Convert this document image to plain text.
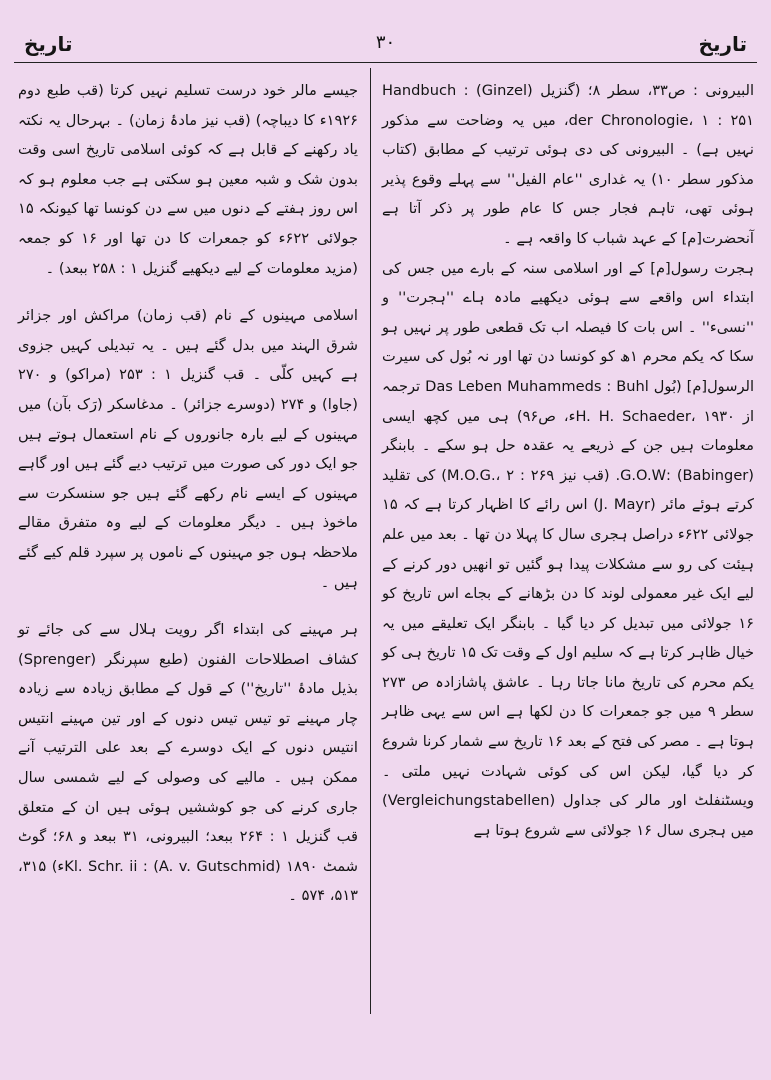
تاریخ	۳۰	تاریخ

البیرونی : ص۳۳، سطر ۸؛ (گنزیل (Ginzel) : Handbuch der Chronologie، ۱ : ۲۵۱، میں یہ وضاحت سے مذکور نہیں ہے) ۔ البیرونی کی دی ہوئی ترتیب کے مطابق (کتاب مذکور سطر ۱۰) یہ غداری ''عام الفیل'' سے پہلے وقوع پذیر ہوئی تھی، تاہم فجار جس کا عام طور پر ذکر آتا ہے آنحضرت[م] کے عہد شباب کا واقعہ ہے ۔

ہجرت رسول[م] کے اور اسلامی سنہ کے بارے میں جس کی ابتداء اس واقعے سے ہوئی دیکھیے مادہ ہاے ''ہجرت'' و ''نسیء'' ۔ اس بات کا فیصلہ اب تک قطعی طور پر نہیں ہو سکا کہ یکم محرم ۱ھ کو کونسا دن تھا اور نہ بُول کی سیرت الرسول[م] (بُول Das Leben Muhammeds : Buhl ترجمہ از H. H. Schaeder، ۱۹۳۰ء، ص۹۶) ہی میں کچھ ایسی معلومات ہیں جن کے ذریعے یہ عقدہ حل ہو سکے ۔ بابنگر (Babinger) :G.O.W. (قب نیز M.O.G.، ۲ : ۲۶۹) کی تقلید کرتے ہوئے مائر (J. Mayr) اس رائے کا اظہار کرتا ہے کہ ۱۵ جولائی ۶۲۲ء دراصل ہجری سال کا پہلا دن تھا ۔ بعد میں علم ہیئت کی رو سے مشکلات پیدا ہو گئیں تو انھیں دور کرنے کے لیے ایک غیر معمولی لوند کا دن بڑھانے کے بجاے اس تاریخ کو ۱۶ جولائی میں تبدیل کر دیا گیا ۔ بابنگر ایک تعلیقے میں یہ خیال ظاہر کرتا ہے کہ سلیم اول کے وقت تک ۱۵ تاریخ ہی کو یکم محرم کی تاریخ مانا جاتا رہا ۔ عاشق پاشازادہ ص ۲۷۳ سطر ۹ میں جو جمعرات کا دن لکھا ہے اس سے یہی ظاہر ہوتا ہے ۔ مصر کی فتح کے بعد ۱۶ تاریخ سے شمار کرنا شروع کر دیا گیا، لیکن اس کی کوئی شہادت نہیں ملتی ۔ ویسٹنفلٹ اور مالر کی جداول (Vergleichungstabellen) میں ہجری سال ۱۶ جولائی سے شروع ہوتا ہے

جیسے مالر خود درست تسلیم نہیں کرتا (قب طبع دوم ۱۹۲۶ء کا دیباچہ) (قب نیز مادۂ زمان) ۔ بہرحال یہ نکتہ یاد رکھنے کے قابل ہے کہ کوئی اسلامی تاریخ اسی وقت بدون شک و شبہ معین ہو سکتی ہے جب معلوم ہو کہ اس روز ہفتے کے دنوں میں سے دن کونسا تھا کیونکہ ۱۵ جولائی ۶۲۲ء کو جمعرات کا دن تھا اور ۱۶ کو جمعہ (مزید معلومات کے لیے دیکھیے گنزیل ۱ : ۲۵۸ ببعد) ۔

اسلامی مہینوں کے نام (قب زمان) مراکش اور جزائر شرق الہند میں بدل گئے ہیں ۔ یہ تبدیلی کہیں جزوی ہے کہیں کلّی ۔ قب گنزیل ۱ : ۲۵۳ (مراکو) و ۲۷۰ (جاوا) و ۲۷۴ (دوسرے جزائر) ۔ مدغاسکر (رَک بآن) میں مہینوں کے لیے بارہ جانوروں کے نام استعمال ہوتے ہیں جو ایک دور کی صورت میں ترتیب دیے گئے ہیں اور گاہے مہینوں کے ایسے نام رکھے گئے ہیں جو سنسکرت سے ماخوذ ہیں ۔ دیگر معلومات کے لیے وہ متفرق مقالے ملاحظہ ہوں جو مہینوں کے ناموں پر سپرد قلم کیے گئے ہیں ۔

ہر مہینے کی ابتداء اگر رویت ہلال سے کی جائے تو کشاف اصطلاحات الفنون (طبع سپرنگر (Sprenger) بذیل مادۂ ''تاریخ'') کے قول کے مطابق زیادہ سے زیادہ چار مہینے تو تیس تیس دنوں کے اور تین مہینے انتیس انتیس دنوں کے ایک دوسرے کے بعد علی الترتیب آنے ممکن ہیں ۔ مالیے کی وصولی کے لیے شمسی سال جاری کرنے کی جو کوششیں ہوئی ہیں ان کے متعلق قب گنزیل ۱ : ۲۶۴ ببعد؛ البیرونی، ۳۱ ببعد و ۶۸؛ گوٹ شمٹ Kl. Schr. ii : (A. v. Gutschmid) ۱۸۹۰ء) ۳۱۵، ۵۱۳، ۵۷۴ ۔
